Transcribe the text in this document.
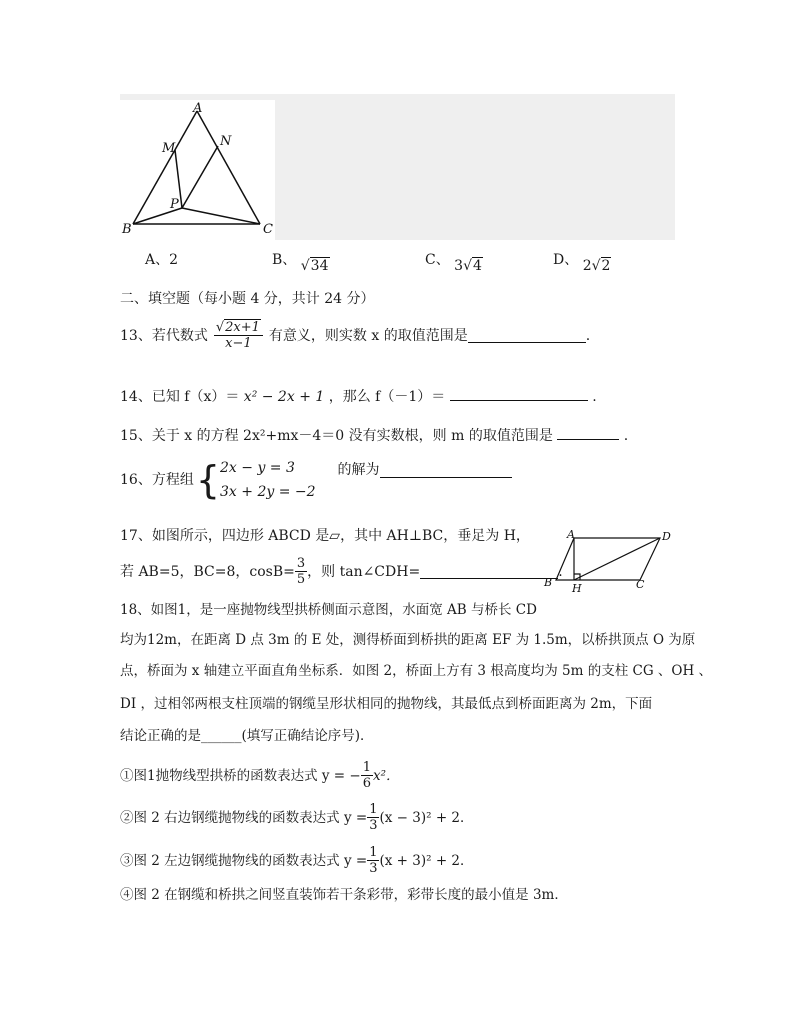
A
B	C
M	N
P
A、2	B、 √34	C、 3√4	D、 2√2
二、填空题（每小题 4 分，共计 24 分）
13、若代数式 $\frac{√2x+1}{x-1}$ 有意义，则实数 x 的取值范围是	.
14、已知 f（x）＝ x² − 2x + 1 ，那么 f（－1）＝	.
15、关于 x 的方程 2x²+mx－4＝0 没有实数根，则 m 的取值范围是	.
16、方程组 { 2x − y = 3
3x + 2y = −2
的解为
17、如图所示，四边形 ABCD 是▱，其中 AH⊥BC，垂足为 H，
若 AB=5，BC=8，$\cos B= \frac{3}{5}$ ，则 tan∠CDH=	.
A	D
B H	C
18、如图1，是一座抛物线型拱桥侧面示意图，水面宽 AB 与桥长 CD
均为12m，在距离 D 点 3m 的 E 处，测得桥面到桥拱的距离 EF 为 1.5m，以桥拱顶点 O 为原
点，桥面为 x 轴建立平面直角坐标系．如图 2，桥面上方有 3 根高度均为 5m 的支柱 CG 、OH 、
DI ，过相邻两根支柱顶端的钢缆呈形状相同的抛物线，其最低点到桥面距离为 2m，下面
结论正确的是______(填写正确结论序号)．
①图1抛物线型拱桥的函数表达式 y = − $\frac{1}{6} x^2$．
②图 2 右边钢缆抛物线的函数表达式 $y = \frac{1}{3} (x - 3)^2 + 2$．
③图 2 左边钢缆抛物线的函数表达式 $y = \frac{1}{3} (x + 3)^2 + 2$．
④图 2 在钢缆和桥拱之间竖直装饰若干条彩带，彩带长度的最小值是 3m．
